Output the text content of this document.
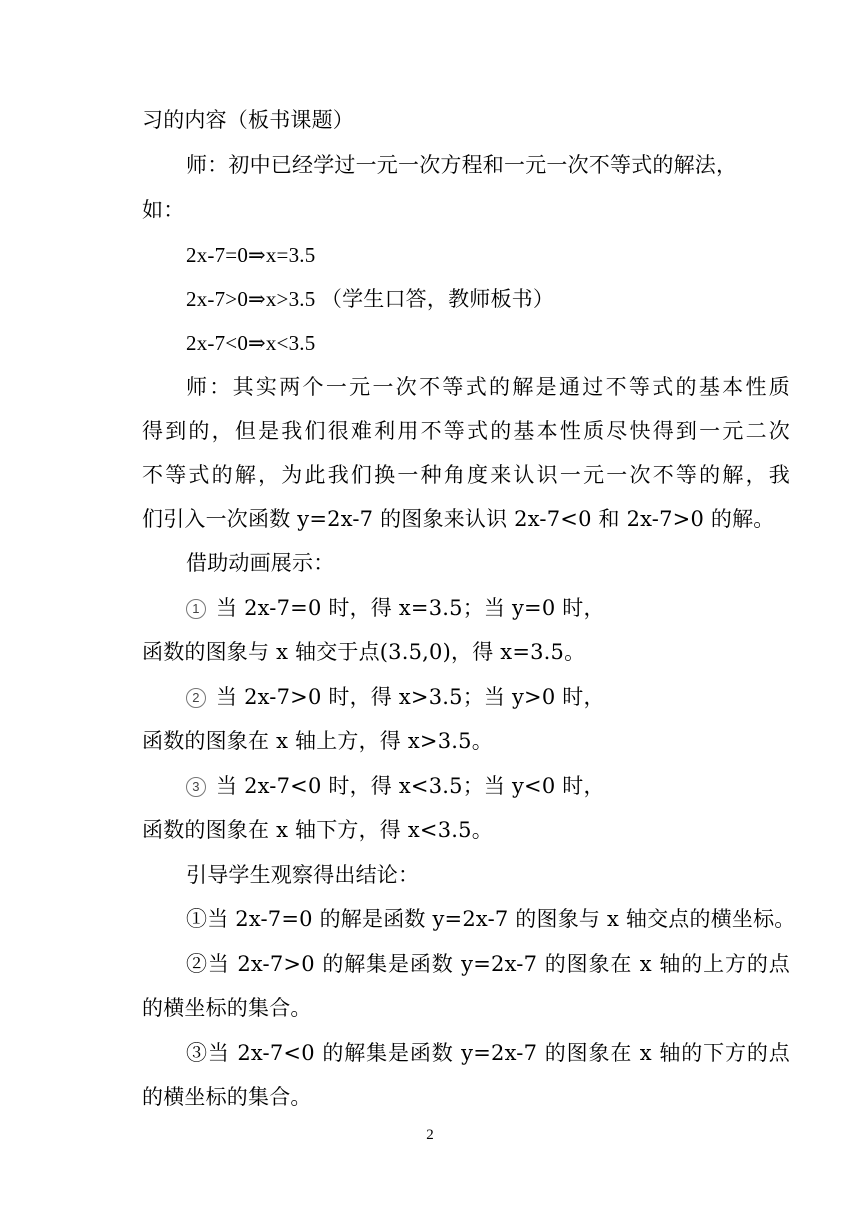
习的内容（板书课题）
师：初中已经学过一元一次方程和一元一次不等式的解法，
如：
2x-7=0⇒x=3.5
2x-7>0⇒x>3.5 （学生口答，教师板书）
2x-7<0⇒x<3.5
师：其实两个一元一次不等式的解是通过不等式的基本性质
得到的，但是我们很难利用不等式的基本性质尽快得到一元二次
不等式的解，为此我们换一种角度来认识一元一次不等的解，我
们引入一次函数 y=2x-7 的图象来认识 2x-7<0 和 2x-7>0 的解。
借助动画展示：
1 当 2x-7=0 时，得 x=3.5；当 y=0 时，
函数的图象与 x 轴交于点(3.5,0)，得 x=3.5。
2 当 2x-7>0 时，得 x>3.5；当 y>0 时，
函数的图象在 x 轴上方，得 x>3.5。
3 当 2x-7<0 时，得 x<3.5；当 y<0 时，
函数的图象在 x 轴下方，得 x<3.5。
引导学生观察得出结论：
①当 2x-7=0 的解是函数 y=2x-7 的图象与 x 轴交点的横坐标。
②当 2x-7>0 的解集是函数 y=2x-7 的图象在 x 轴的上方的点
的横坐标的集合。
③当 2x-7<0 的解集是函数 y=2x-7 的图象在 x 轴的下方的点
的横坐标的集合。
2
